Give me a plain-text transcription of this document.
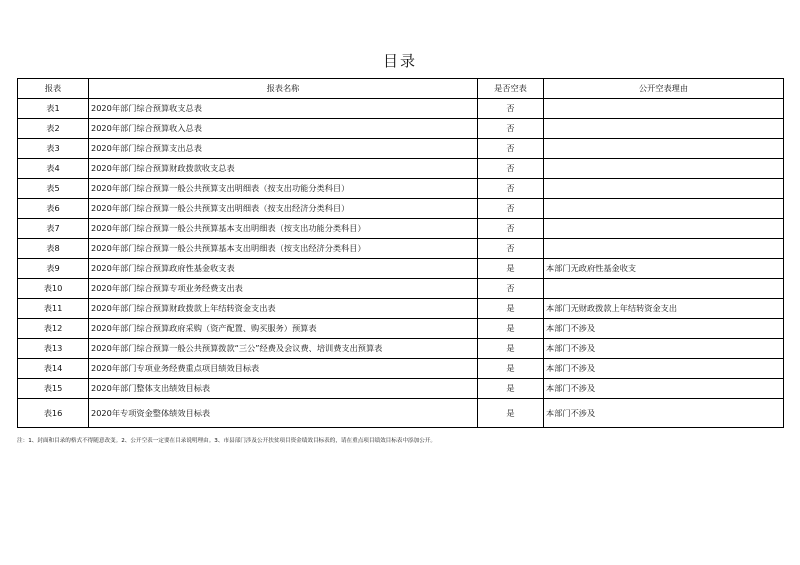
目录
报表	报表名称	是否空表	公开空表理由
表1	2020年部门综合预算收支总表	否	
表2	2020年部门综合预算收入总表	否	
表3	2020年部门综合预算支出总表	否	
表4	2020年部门综合预算财政拨款收支总表	否	
表5	2020年部门综合预算一般公共预算支出明细表（按支出功能分类科目）	否	
表6	2020年部门综合预算一般公共预算支出明细表（按支出经济分类科目）	否	
表7	2020年部门综合预算一般公共预算基本支出明细表（按支出功能分类科目）	否	
表8	2020年部门综合预算一般公共预算基本支出明细表（按支出经济分类科目）	否	
表9	2020年部门综合预算政府性基金收支表	是	本部门无政府性基金收支
表10	2020年部门综合预算专项业务经费支出表	否	
表11	2020年部门综合预算财政拨款上年结转资金支出表	是	本部门无财政拨款上年结转资金支出
表12	2020年部门综合预算政府采购（资产配置、购买服务）预算表	是	本部门不涉及
表13	2020年部门综合预算一般公共预算拨款“三公”经费及会议费、培训费支出预算表	是	本部门不涉及
表14	2020年部门专项业务经费重点项目绩效目标表	是	本部门不涉及
表15	2020年部门整体支出绩效目标表	是	本部门不涉及
表16	2020年专项资金整体绩效目标表	是	本部门不涉及
注：1、封面和目录的格式不得随意改变。2、公开空表一定要在目录说明理由。3、市县部门涉及公开扶贫项目资金绩效目标表的，请在重点项目绩效目标表中添加公开。
